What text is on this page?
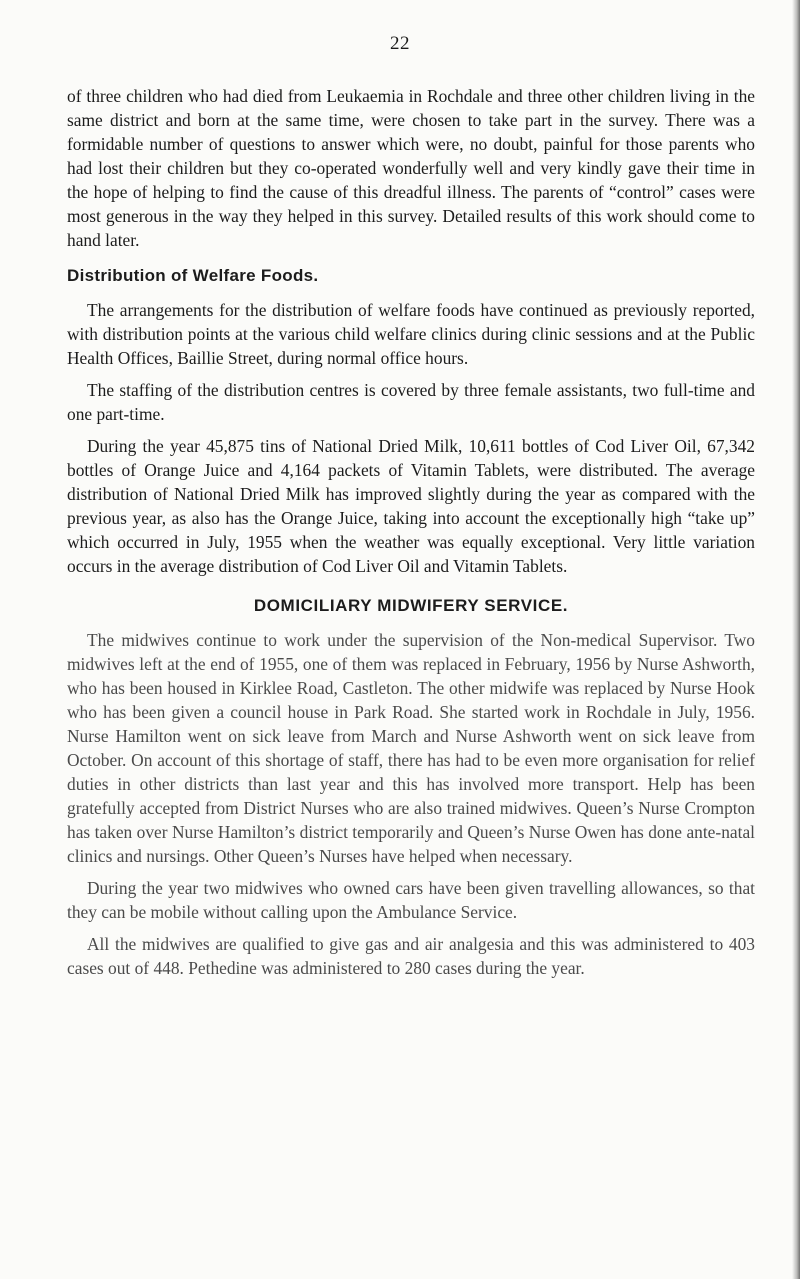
22

of three children who had died from Leukaemia in Rochdale and three other children living in the same district and born at the same time, were chosen to take part in the survey. There was a formidable number of questions to answer which were, no doubt, painful for those parents who had lost their children but they co-operated wonderfully well and very kindly gave their time in the hope of helping to find the cause of this dreadful illness. The parents of “control” cases were most generous in the way they helped in this survey. Detailed results of this work should come to hand later.

Distribution of Welfare Foods.

The arrangements for the distribution of welfare foods have continued as previously reported, with distribution points at the various child welfare clinics during clinic sessions and at the Public Health Offices, Baillie Street, during normal office hours.

The staffing of the distribution centres is covered by three female assistants, two full-time and one part-time.

During the year 45,875 tins of National Dried Milk, 10,611 bottles of Cod Liver Oil, 67,342 bottles of Orange Juice and 4,164 packets of Vitamin Tablets, were distributed. The average distribution of National Dried Milk has improved slightly during the year as compared with the previous year, as also has the Orange Juice, taking into account the exceptionally high “take up” which occurred in July, 1955 when the weather was equally exceptional. Very little variation occurs in the average distribution of Cod Liver Oil and Vitamin Tablets.

DOMICILIARY MIDWIFERY SERVICE.

The midwives continue to work under the supervision of the Non-medical Supervisor. Two midwives left at the end of 1955, one of them was replaced in February, 1956 by Nurse Ashworth, who has been housed in Kirklee Road, Castleton. The other midwife was replaced by Nurse Hook who has been given a council house in Park Road. She started work in Rochdale in July, 1956. Nurse Hamilton went on sick leave from March and Nurse Ashworth went on sick leave from October. On account of this shortage of staff, there has had to be even more organisation for relief duties in other districts than last year and this has involved more transport. Help has been gratefully accepted from District Nurses who are also trained midwives. Queen’s Nurse Crompton has taken over Nurse Hamilton’s district temporarily and Queen’s Nurse Owen has done ante-natal clinics and nursings. Other Queen’s Nurses have helped when necessary.

During the year two midwives who owned cars have been given travelling allowances, so that they can be mobile without calling upon the Ambulance Service.

All the midwives are qualified to give gas and air analgesia and this was administered to 403 cases out of 448. Pethedine was administered to 280 cases during the year.
